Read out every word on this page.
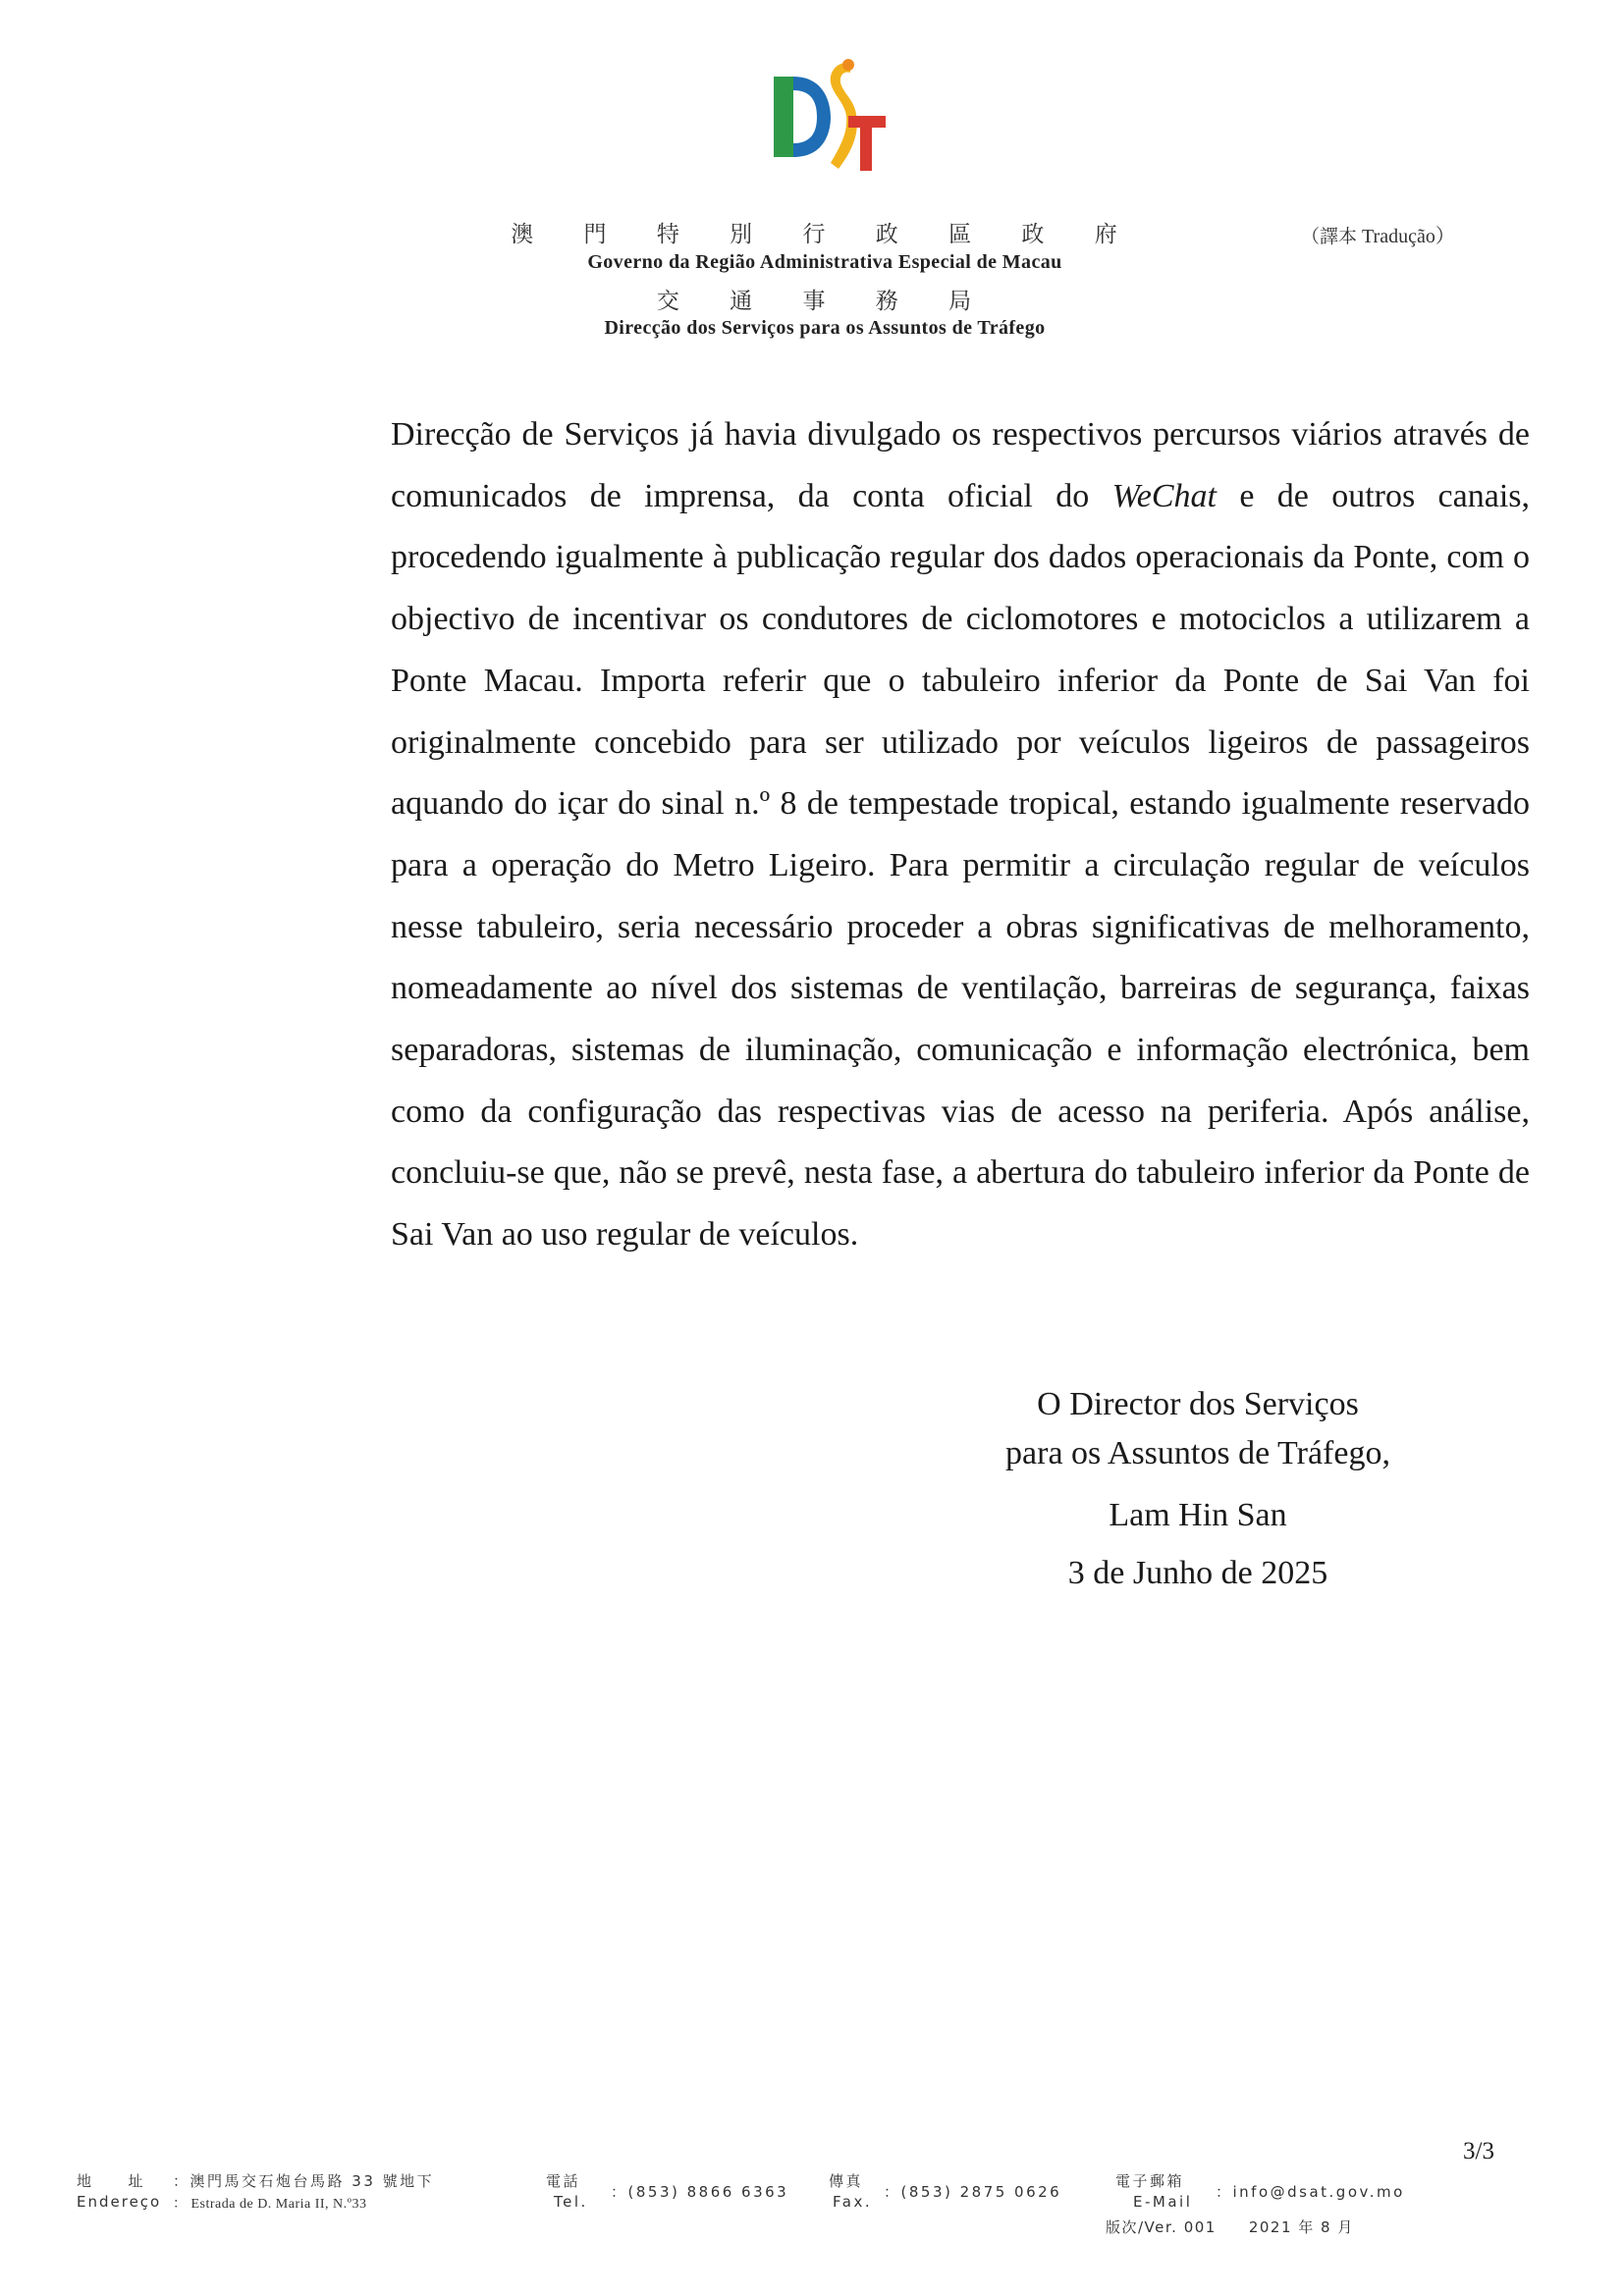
澳 門 特 別 行 政 區 政 府
Governo da Região Administrativa Especial de Macau
交 通 事 務 局
Direcção dos Serviços para os Assuntos de Tráfego
（譯本 Tradução）

Direcção de Serviços já havia divulgado os respectivos percursos viários através de comunicados de imprensa, da conta oficial do WeChat e de outros canais, procedendo igualmente à publicação regular dos dados operacionais da Ponte, com o objectivo de incentivar os condutores de ciclomotores e motociclos a utilizarem a Ponte Macau. Importa referir que o tabuleiro inferior da Ponte de Sai Van foi originalmente concebido para ser utilizado por veículos ligeiros de passageiros aquando do içar do sinal n.º 8 de tempestade tropical, estando igualmente reservado para a operação do Metro Ligeiro. Para permitir a circulação regular de veículos nesse tabuleiro, seria necessário proceder a obras significativas de melhoramento, nomeadamente ao nível dos sistemas de ventilação, barreiras de segurança, faixas separadoras, sistemas de iluminação, comunicação e informação electrónica, bem como da configuração das respectivas vias de acesso na periferia. Após análise, concluiu-se que, não se prevê, nesta fase, a abertura do tabuleiro inferior da Ponte de Sai Van ao uso regular de veículos.

O Director dos Serviços
para os Assuntos de Tráfego,
Lam Hin San
3 de Junho de 2025
3/3
地　　址 ：澳門馬交石炮台馬路 33 號地下
Endereço ： Estrada de D. Maria II, N.º33
電話
Tel.
：(853) 8866 6363
傳真
Fax.
：(853) 2875 0626
電子郵箱
E-Mail
：info@dsat.gov.mo
版次/Ver. 001　　2021 年 8 月
